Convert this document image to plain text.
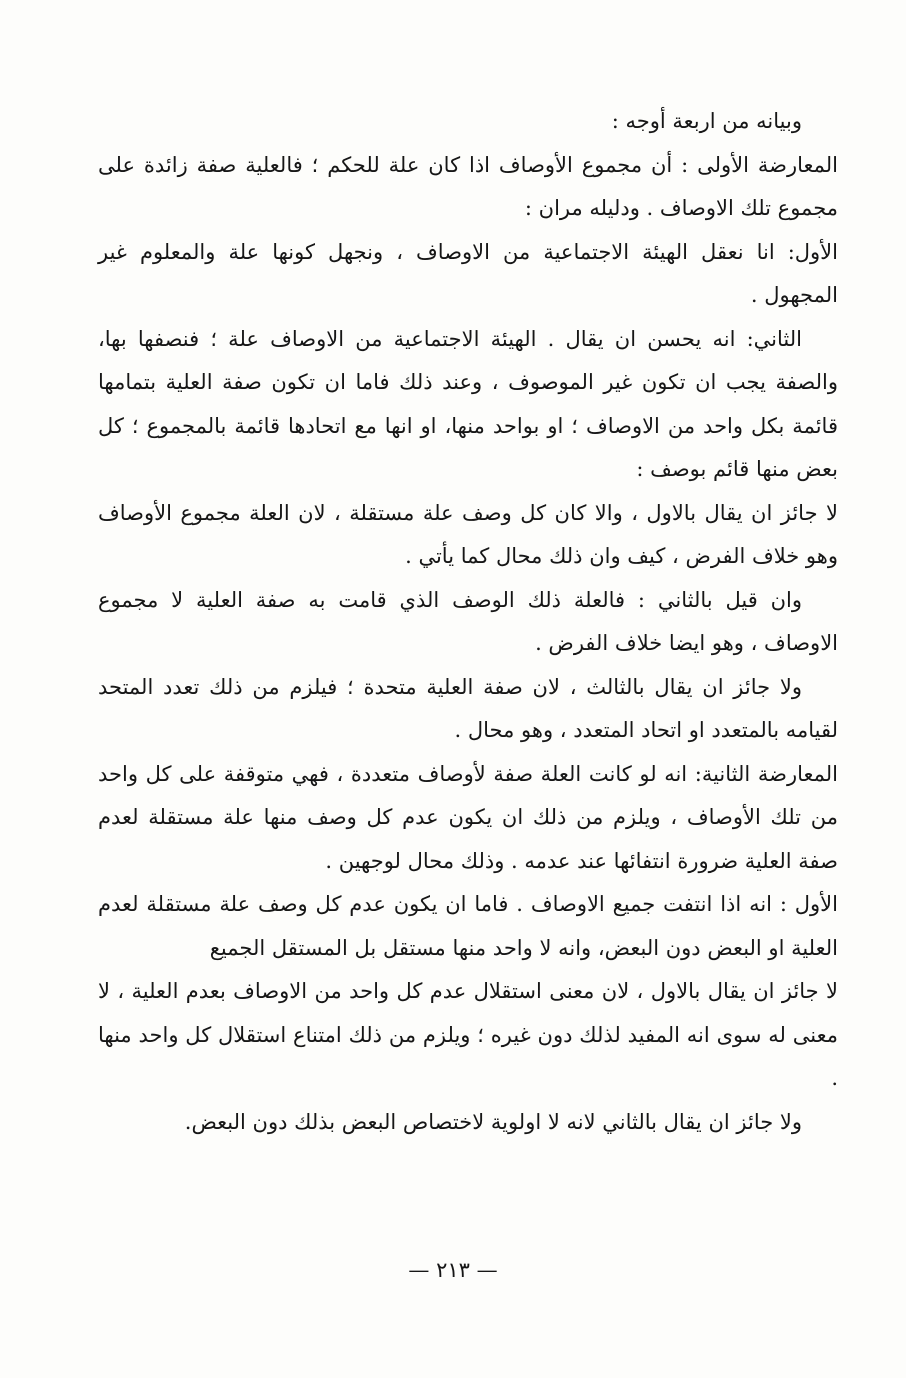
وبيانه من اربعة أوجه :

المعارضة الأولى : أن مجموع الأوصاف اذا كان علة للحكم ؛ فالعلية صفة زائدة على مجموع تلك الاوصاف . ودليله مران :

الأول: انا نعقل الهيئة الاجتماعية من الاوصاف ، ونجهل كونها علة والمعلوم غير المجهول .

الثاني: انه يحسن ان يقال . الهيئة الاجتماعية من الاوصاف علة ؛ فنصفها بها، والصفة يجب ان تكون غير الموصوف ، وعند ذلك فاما ان تكون صفة العلية بتمامها قائمة بكل واحد من الاوصاف ؛ او بواحد منها، او انها مع اتحادها قائمة بالمجموع ؛ كل بعض منها قائم بوصف :

لا جائز ان يقال بالاول ، والا كان كل وصف علة مستقلة ، لان العلة مجموع الأوصاف وهو خلاف الفرض ، كيف وان ذلك محال كما يأتي .

وان قيل بالثاني : فالعلة ذلك الوصف الذي قامت به صفة العلية لا مجموع الاوصاف ، وهو ايضا خلاف الفرض .

ولا جائز ان يقال بالثالث ، لان صفة العلية متحدة ؛ فيلزم من ذلك تعدد المتحد لقيامه بالمتعدد او اتحاد المتعدد ، وهو محال .

المعارضة الثانية: انه لو كانت العلة صفة لأوصاف متعددة ، فهي متوقفة على كل واحد من تلك الأوصاف ، ويلزم من ذلك ان يكون عدم كل وصف منها علة مستقلة لعدم صفة العلية ضرورة انتفائها عند عدمه . وذلك محال لوجهين .

الأول : انه اذا انتفت جميع الاوصاف . فاما ان يكون عدم كل وصف علة مستقلة لعدم العلية او البعض دون البعض، وانه لا واحد منها مستقل بل المستقل الجميع

لا جائز ان يقال بالاول ، لان معنى استقلال عدم كل واحد من الاوصاف بعدم العلية ، لا معنى له سوى انه المفيد لذلك دون غيره ؛ ويلزم من ذلك امتناع استقلال كل واحد منها .

ولا جائز ان يقال بالثاني لانه لا اولوية لاختصاص البعض بذلك دون البعض.

— ٢١٣ —
